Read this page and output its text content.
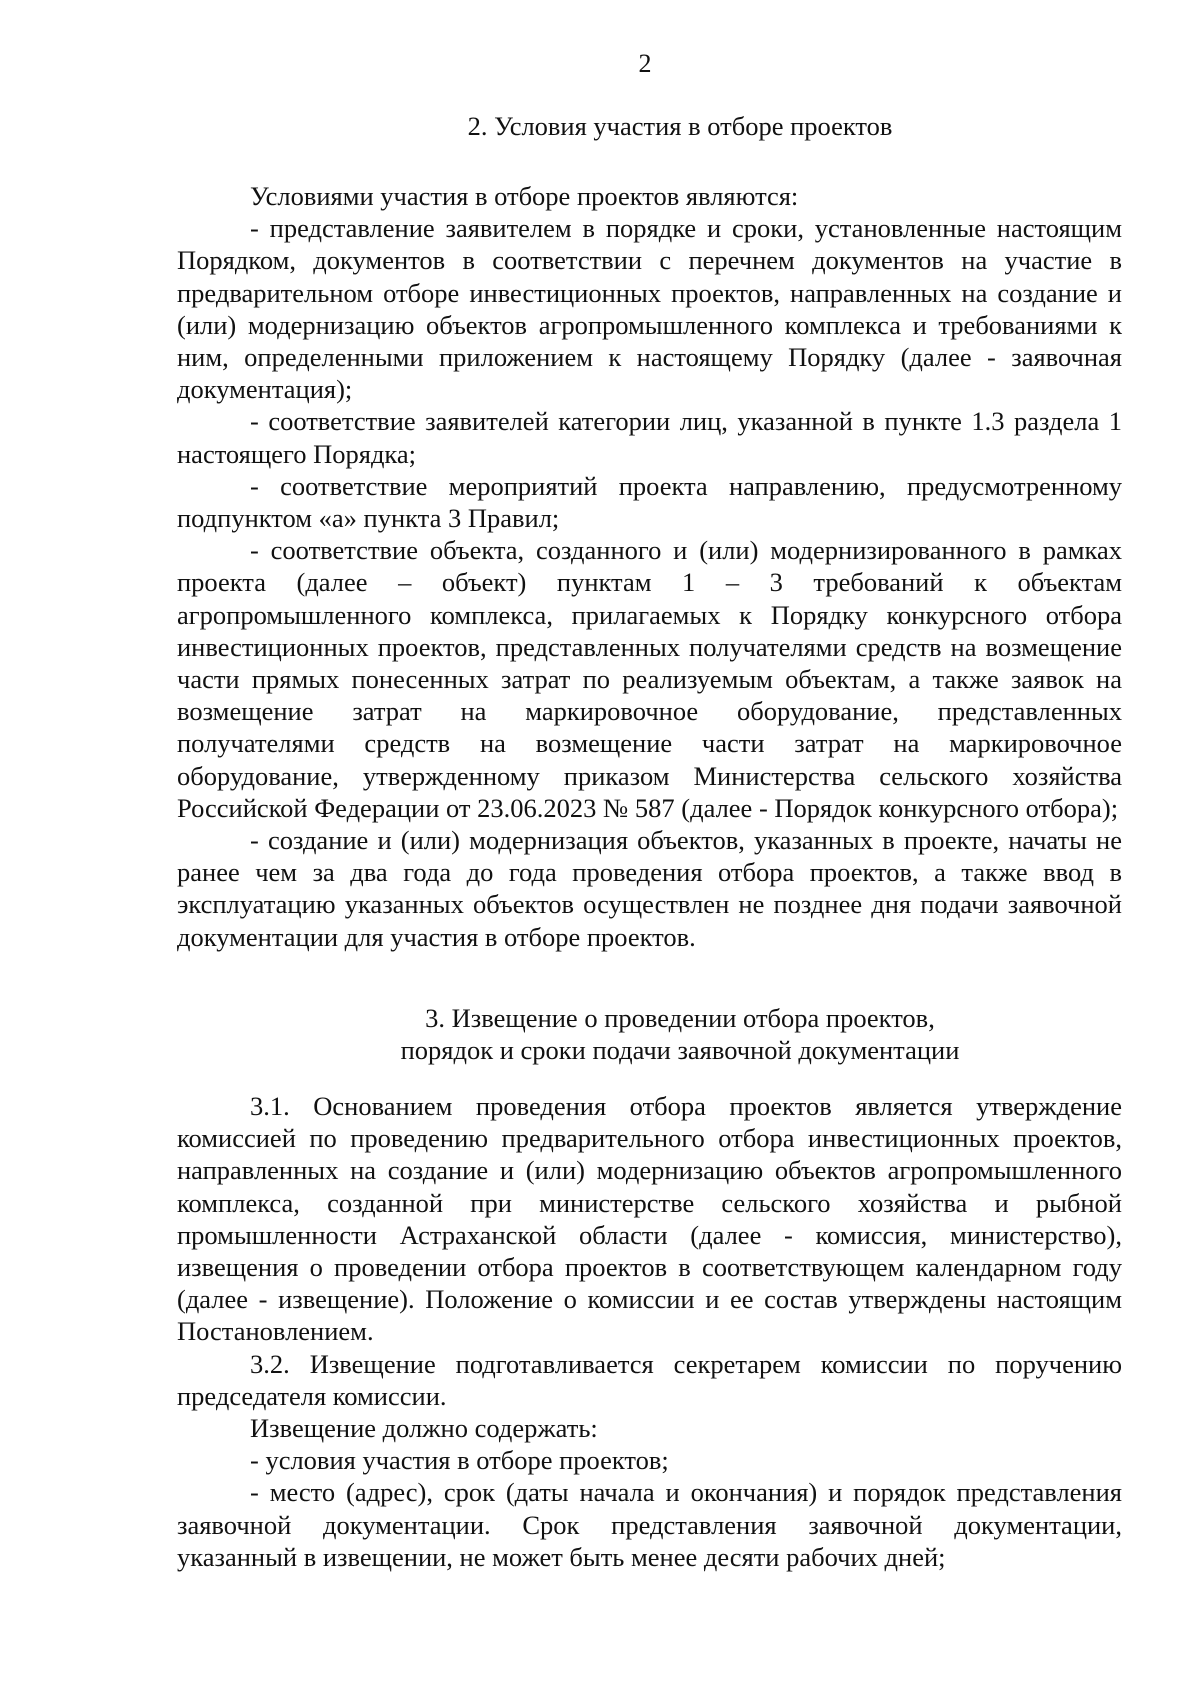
2
2. Условия участия в отборе проектов

Условиями участия в отборе проектов являются:

- представление заявителем в порядке и сроки, установленные настоящим Порядком, документов в соответствии с перечнем документов на участие в предварительном отборе инвестиционных проектов, направленных на создание и (или) модернизацию объектов агропромышленного комплекса и требованиями к ним, определенными приложением к настоящему Порядку (далее - заявочная документация);

- соответствие заявителей категории лиц, указанной в пункте 1.3 раздела 1 настоящего Порядка;

- соответствие мероприятий проекта направлению, предусмотренному подпунктом «а» пункта 3 Правил;

- соответствие объекта, созданного и (или) модернизированного в рамках проекта (далее – объект) пунктам 1 – 3 требований к объектам агропромышленного комплекса, прилагаемых к Порядку конкурсного отбора инвестиционных проектов, представленных получателями средств на возмещение части прямых понесенных затрат по реализуемым объектам, а также заявок на возмещение затрат на маркировочное оборудование, представленных получателями средств на возмещение части затрат на маркировочное оборудование, утвержденному приказом Министерства сельского хозяйства Российской Федерации от 23.06.2023 № 587 (далее - Порядок конкурсного отбора);

- создание и (или) модернизация объектов, указанных в проекте, начаты не ранее чем за два года до года проведения отбора проектов, а также ввод в эксплуатацию указанных объектов осуществлен не позднее дня подачи заявочной документации для участия в отборе проектов.

3. Извещение о проведении отбора проектов,
порядок и сроки подачи заявочной документации

3.1. Основанием проведения отбора проектов является утверждение комиссией по проведению предварительного отбора инвестиционных проектов, направленных на создание и (или) модернизацию объектов агропромышленного комплекса, созданной при министерстве сельского хозяйства и рыбной промышленности Астраханской области (далее - комиссия, министерство), извещения о проведении отбора проектов в соответствующем календарном году (далее - извещение). Положение о комиссии и ее состав утверждены настоящим Постановлением.

3.2. Извещение подготавливается секретарем комиссии по поручению председателя комиссии.

Извещение должно содержать:

- условия участия в отборе проектов;

- место (адрес), срок (даты начала и окончания) и порядок представления заявочной документации. Срок представления заявочной документации, указанный в извещении, не может быть менее десяти рабочих дней;
